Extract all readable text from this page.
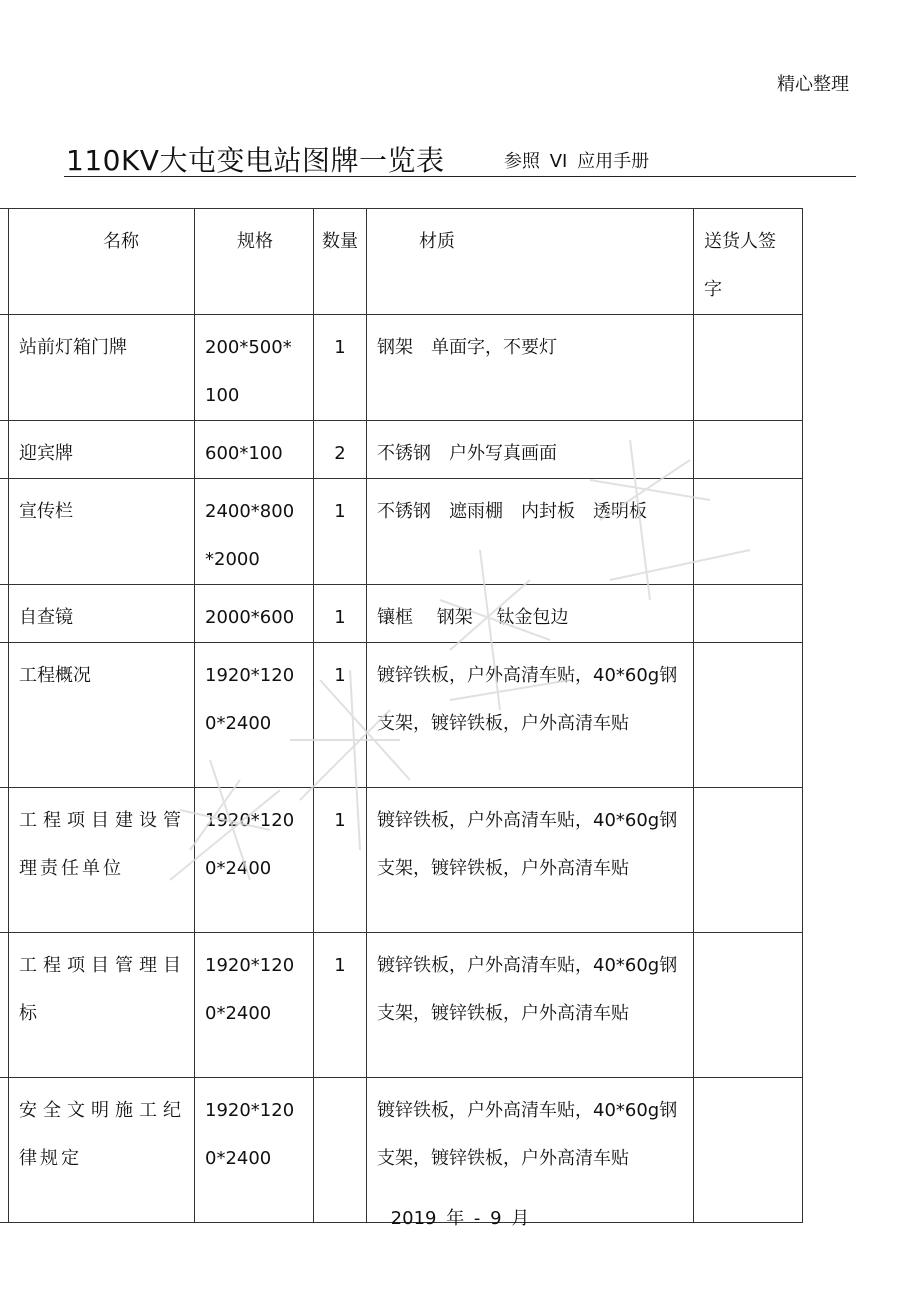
精心整理
110KV大屯变电站图牌一览表	参照 VI 应用手册
	名称	规格	数量	材质	送货人签字
	站前灯箱门牌	200*500*100	1	钢架　单面字，不要灯	
	迎宾牌	600*100	2	不锈钢　户外写真画面	
	宣传栏	2400*800*2000	1	不锈钢　遮雨棚　内封板　透明板	
	自查镜	2000*600	1	镶框　 钢架　 钛金包边	
	工程概况	1920*1200*2400	1	镀锌铁板，户外高清车贴，40*60g钢支架，镀锌铁板，户外高清车贴	
	工程项目建设管理责任单位	1920*1200*2400	1	镀锌铁板，户外高清车贴，40*60g钢支架，镀锌铁板，户外高清车贴	
	工程项目管理目标	1920*1200*2400	1	镀锌铁板，户外高清车贴，40*60g钢支架，镀锌铁板，户外高清车贴	
	安全文明施工纪律规定	1920*1200*2400		镀锌铁板，户外高清车贴，40*60g钢支架，镀锌铁板，户外高清车贴	
2019 年 - 9 月
